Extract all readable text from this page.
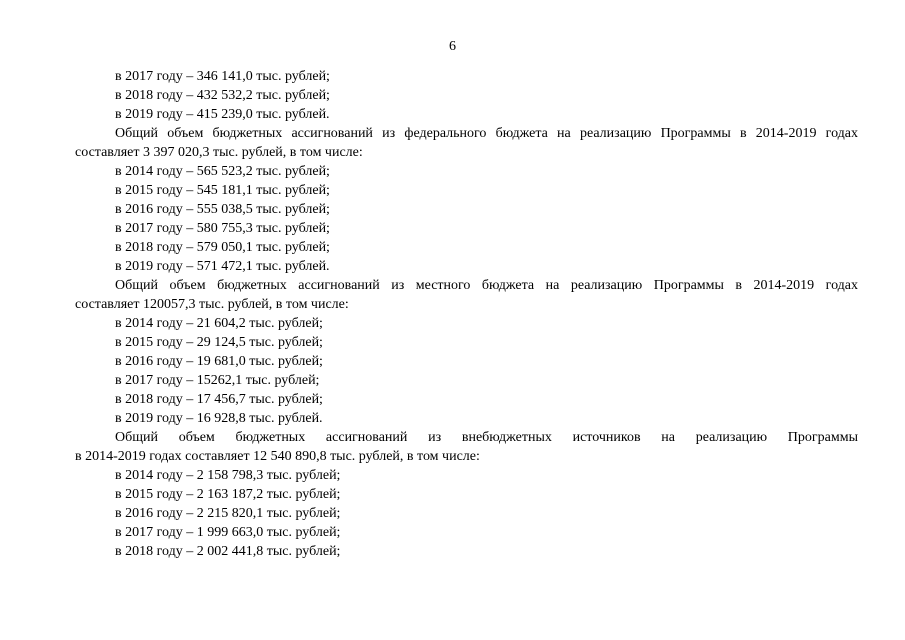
6
в 2017 году – 346 141,0 тыс. рублей;
в 2018 году – 432 532,2 тыс. рублей;
в 2019 году – 415 239,0 тыс. рублей.
Общий объем бюджетных ассигнований из федерального бюджета на реализацию Программы в 2014-2019 годах
составляет 3 397 020,3 тыс. рублей, в том числе:
в 2014 году – 565 523,2 тыс. рублей;
в 2015 году – 545 181,1 тыс. рублей;
в 2016 году – 555 038,5 тыс. рублей;
в 2017 году – 580 755,3 тыс. рублей;
в 2018 году – 579 050,1 тыс. рублей;
в 2019 году – 571 472,1 тыс. рублей.
Общий объем бюджетных ассигнований из местного бюджета на реализацию Программы в 2014-2019 годах
составляет 120057,3 тыс. рублей, в том числе:
в 2014 году – 21 604,2 тыс. рублей;
в 2015 году – 29 124,5 тыс. рублей;
в 2016 году – 19 681,0 тыс. рублей;
в 2017 году – 15262,1 тыс. рублей;
в 2018 году – 17 456,7 тыс. рублей;
в 2019 году – 16 928,8 тыс. рублей.
Общий объем бюджетных ассигнований из внебюджетных источников на реализацию Программы
в 2014-2019 годах составляет 12 540 890,8 тыс. рублей, в том числе:
в 2014 году – 2 158 798,3 тыс. рублей;
в 2015 году – 2 163 187,2 тыс. рублей;
в 2016 году – 2 215 820,1 тыс. рублей;
в 2017 году – 1 999 663,0 тыс. рублей;
в 2018 году – 2 002 441,8 тыс. рублей;
